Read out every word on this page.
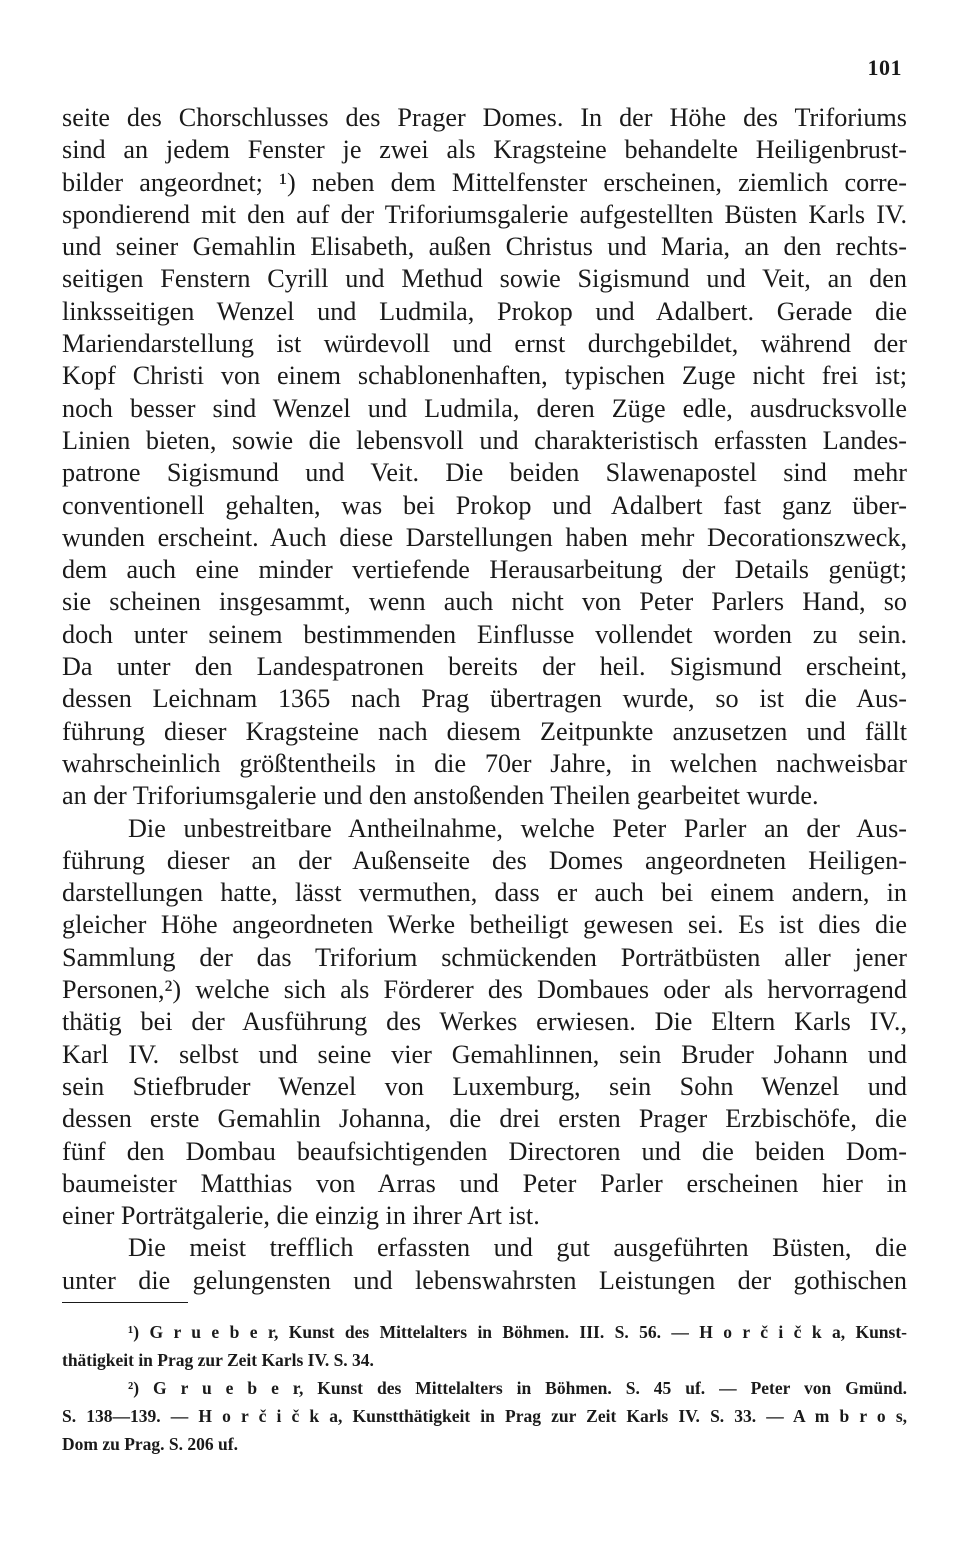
101
seite des Chorschlusses des Prager Domes. In der Höhe des Triforiums
sind an jedem Fenster je zwei als Kragsteine behandelte Heiligenbrust-
bilder angeordnet; ¹) neben dem Mittelfenster erscheinen, ziemlich corre-
spondierend mit den auf der Triforiumsgalerie aufgestellten Büsten Karls IV.
und seiner Gemahlin Elisabeth, außen Christus und Maria, an den rechts-
seitigen Fenstern Cyrill und Methud sowie Sigismund und Veit, an den
linksseitigen Wenzel und Ludmila, Prokop und Adalbert. Gerade die
Mariendarstellung ist würdevoll und ernst durchgebildet, während der
Kopf Christi von einem schablonenhaften, typischen Zuge nicht frei ist;
noch besser sind Wenzel und Ludmila, deren Züge edle, ausdrucksvolle
Linien bieten, sowie die lebensvoll und charakteristisch erfassten Landes-
patrone Sigismund und Veit. Die beiden Slawenapostel sind mehr
conventionell gehalten, was bei Prokop und Adalbert fast ganz über-
wunden erscheint. Auch diese Darstellungen haben mehr Decorationszweck,
dem auch eine minder vertiefende Herausarbeitung der Details genügt;
sie scheinen insgesammt, wenn auch nicht von Peter Parlers Hand, so
doch unter seinem bestimmenden Einflusse vollendet worden zu sein.
Da unter den Landespatronen bereits der heil. Sigismund erscheint,
dessen Leichnam 1365 nach Prag übertragen wurde, so ist die Aus-
führung dieser Kragsteine nach diesem Zeitpunkte anzusetzen und fällt
wahrscheinlich größtentheils in die 70er Jahre, in welchen nachweisbar
an der Triforiumsgalerie und den anstoßenden Theilen gearbeitet wurde.
Die unbestreitbare Antheilnahme, welche Peter Parler an der Aus-
führung dieser an der Außenseite des Domes angeordneten Heiligen-
darstellungen hatte, lässt vermuthen, dass er auch bei einem andern, in
gleicher Höhe angeordneten Werke betheiligt gewesen sei. Es ist dies die
Sammlung der das Triforium schmückenden Porträtbüsten aller jener
Personen,²) welche sich als Förderer des Dombaues oder als hervorragend
thätig bei der Ausführung des Werkes erwiesen. Die Eltern Karls IV.,
Karl IV. selbst und seine vier Gemahlinnen, sein Bruder Johann und
sein Stiefbruder Wenzel von Luxemburg, sein Sohn Wenzel und
dessen erste Gemahlin Johanna, die drei ersten Prager Erzbischöfe, die
fünf den Dombau beaufsichtigenden Directoren und die beiden Dom-
baumeister Matthias von Arras und Peter Parler erscheinen hier in
einer Porträtgalerie, die einzig in ihrer Art ist.
Die meist trefflich erfassten und gut ausgeführten Büsten, die
unter die gelungensten und lebenswahrsten Leistungen der gothischen
¹) G r u e b e r, Kunst des Mittelalters in Böhmen. III. S. 56. — H o r č i č k a, Kunst-
thätigkeit in Prag zur Zeit Karls IV. S. 34.
²) G r u e b e r, Kunst des Mittelalters in Böhmen. S. 45 uf. — Peter von Gmünd.
S. 138—139. — H o r č i č k a, Kunstthätigkeit in Prag zur Zeit Karls IV. S. 33. — A m b r o s,
Dom zu Prag. S. 206 uf.
